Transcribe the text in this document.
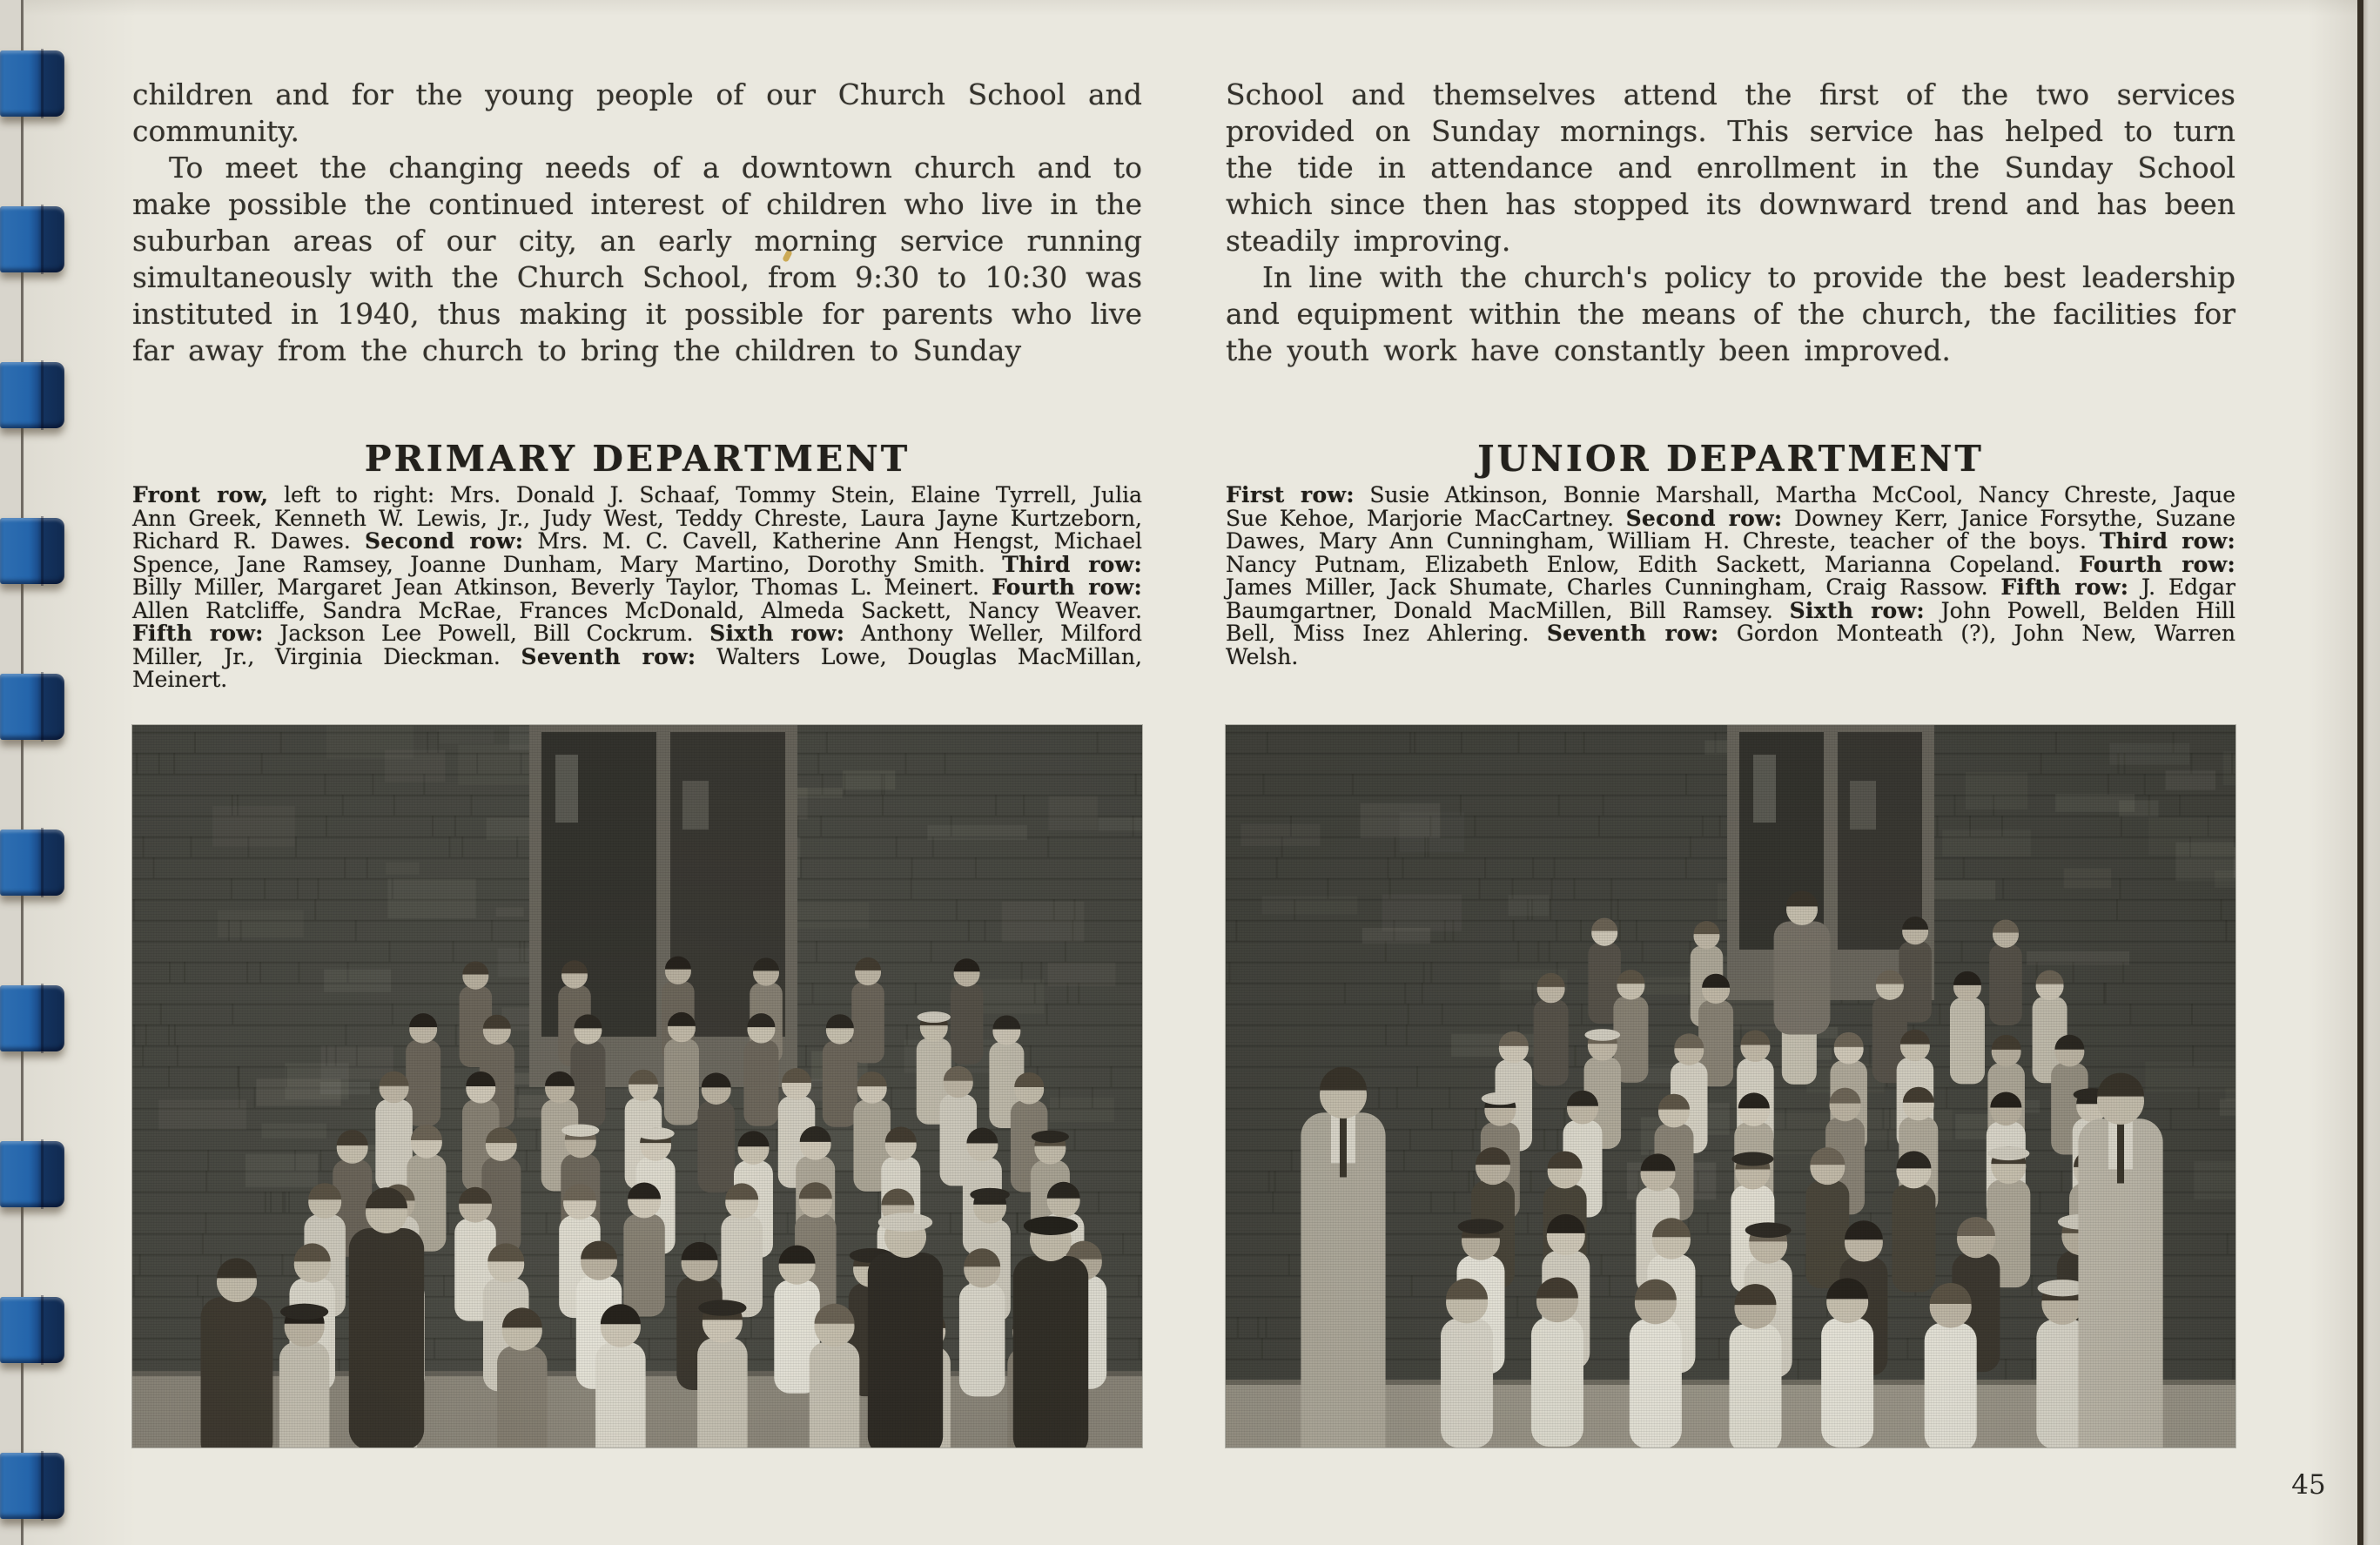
children and for the young people of our Church School and community.

To meet the changing needs of a downtown church and to make possible the continued interest of children who live in the suburban areas of our city, an early morning service running simultaneously with the Church School, from 9:30 to 10:30 was instituted in 1940, thus making it possible for parents who live far away from the church to bring the children to Sunday

PRIMARY DEPARTMENT
Front row, left to right: Mrs. Donald J. Schaaf, Tommy Stein, Elaine Tyrrell, Julia Ann Greek, Kenneth W. Lewis, Jr., Judy West, Teddy Chreste, Laura Jayne Kurtzeborn, Richard R. Dawes. Second row: Mrs. M. C. Cavell, Katherine Ann Hengst, Michael Spence, Jane Ramsey, Joanne Dunham, Mary Martino, Dorothy Smith. Third row: Billy Miller, Margaret Jean Atkinson, Beverly Taylor, Thomas L. Meinert. Fourth row: Allen Ratcliffe, Sandra McRae, Frances McDonald, Almeda Sackett, Nancy Weaver. Fifth row: Jackson Lee Powell, Bill Cockrum. Sixth row: Anthony Weller, Milford Miller, Jr., Virginia Dieckman. Seventh row: Walters Lowe, Douglas MacMillan, Meinert.

School and themselves attend the first of the two services provided on Sunday mornings. This service has helped to turn the tide in attendance and enrollment in the Sunday School which since then has stopped its downward trend and has been steadily improving.

In line with the church's policy to provide the best leadership and equipment within the means of the church, the facilities for the youth work have constantly been improved.

JUNIOR DEPARTMENT
First row: Susie Atkinson, Bonnie Marshall, Martha McCool, Nancy Chreste, Jaque Sue Kehoe, Marjorie MacCartney. Second row: Downey Kerr, Janice Forsythe, Suzane Dawes, Mary Ann Cunningham, William H. Chreste, teacher of the boys. Third row: Nancy Putnam, Elizabeth Enlow, Edith Sackett, Marianna Copeland. Fourth row: James Miller, Jack Shumate, Charles Cunningham, Craig Rassow. Fifth row: J. Edgar Baumgartner, Donald MacMillen, Bill Ramsey. Sixth row: John Powell, Belden Hill Bell, Miss Inez Ahlering. Seventh row: Gordon Monteath (?), John New, Warren Welsh.
45
